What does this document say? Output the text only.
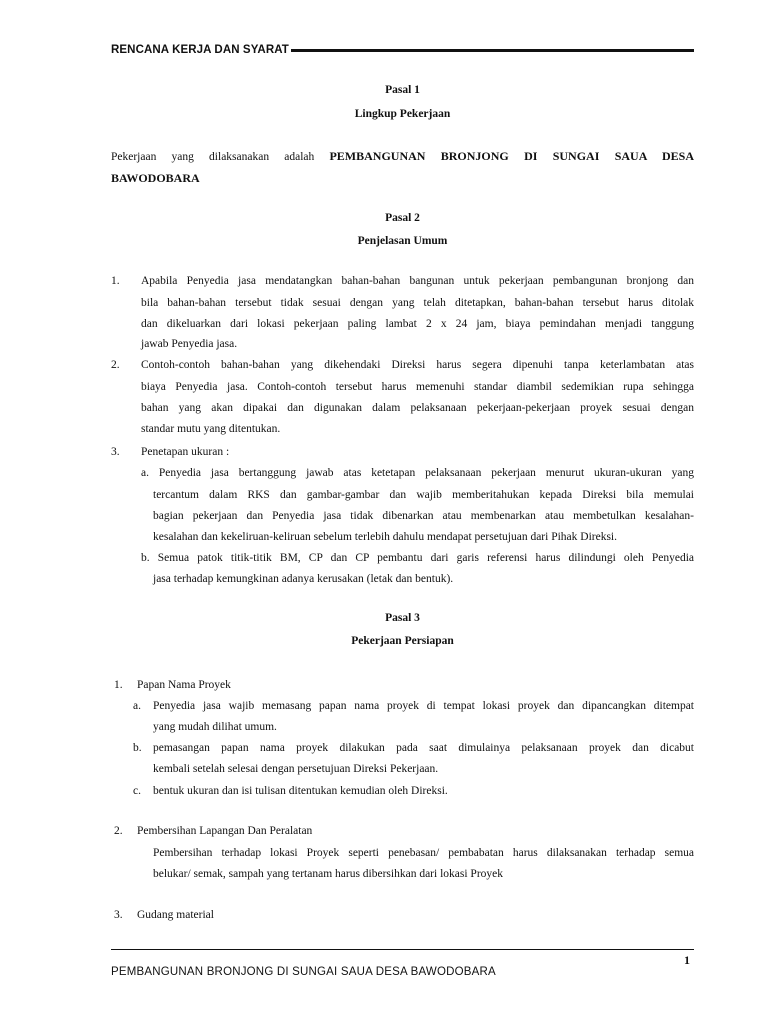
RENCANA KERJA DAN SYARAT
Pasal 1
Lingkup Pekerjaan
Pekerjaan yang dilaksanakan adalah PEMBANGUNAN BRONJONG DI SUNGAI SAUA DESA
BAWODOBARA
Pasal 2
Penjelasan Umum
1. Apabila Penyedia jasa mendatangkan bahan-bahan bangunan untuk pekerjaan pembangunan bronjong dan
bila bahan-bahan tersebut tidak sesuai dengan yang telah ditetapkan, bahan-bahan tersebut harus ditolak
dan dikeluarkan dari lokasi pekerjaan paling lambat 2 x 24 jam, biaya pemindahan menjadi tanggung
jawab Penyedia jasa.
2. Contoh-contoh bahan-bahan yang dikehendaki Direksi harus segera dipenuhi tanpa keterlambatan atas
biaya Penyedia jasa. Contoh-contoh tersebut harus memenuhi standar diambil sedemikian rupa sehingga
bahan yang akan dipakai dan digunakan dalam pelaksanaan pekerjaan-pekerjaan proyek sesuai dengan
standar mutu yang ditentukan.
3. Penetapan ukuran :
a. Penyedia jasa bertanggung jawab atas ketetapan pelaksanaan pekerjaan menurut ukuran-ukuran yang
tercantum dalam RKS dan gambar-gambar dan wajib memberitahukan kepada Direksi bila memulai
bagian pekerjaan dan Penyedia jasa tidak dibenarkan atau membenarkan atau membetulkan kesalahan-
kesalahan dan kekeliruan-keliruan sebelum terlebih dahulu mendapat persetujuan dari Pihak Direksi.
b. Semua patok titik-titik BM, CP dan CP pembantu dari garis referensi harus dilindungi oleh Penyedia
jasa terhadap kemungkinan adanya kerusakan (letak dan bentuk).
Pasal 3
Pekerjaan Persiapan
1. Papan Nama Proyek
a. Penyedia jasa wajib memasang papan nama proyek di tempat lokasi proyek dan dipancangkan ditempat
yang mudah dilihat umum.
b. pemasangan papan nama proyek dilakukan pada saat dimulainya pelaksanaan proyek dan dicabut
kembali setelah selesai dengan persetujuan Direksi Pekerjaan.
c. bentuk ukuran dan isi tulisan ditentukan kemudian oleh Direksi.
2. Pembersihan Lapangan Dan Peralatan
Pembersihan terhadap lokasi Proyek seperti penebasan/ pembabatan harus dilaksanakan terhadap semua
belukar/ semak, sampah yang tertanam harus dibersihkan dari lokasi Proyek
3. Gudang material
1
PEMBANGUNAN BRONJONG DI SUNGAI SAUA DESA BAWODOBARA
